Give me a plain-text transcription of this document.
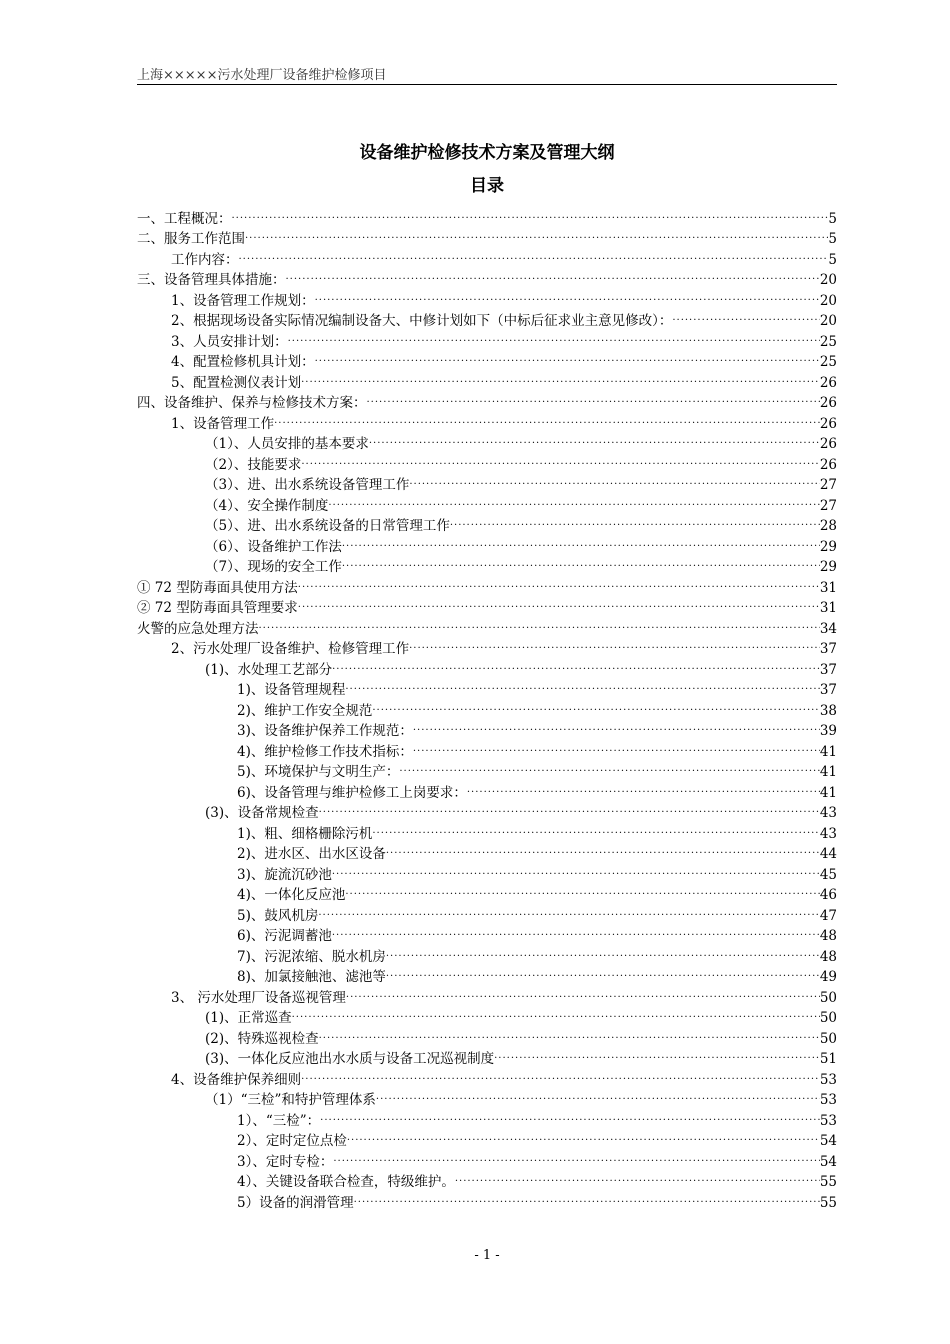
上海×××××污水处理厂设备维护检修项目
设备维护检修技术方案及管理大纲
目录
一、工程概况： .....	5
二、服务工作范围 .....	5
工作内容： .....	5
三、设备管理具体措施： .....	20
1、设备管理工作规划： .....	20
2、根据现场设备实际情况编制设备大、中修计划如下（中标后征求业主意见修改）： .....	20
3、人员安排计划： .....	25
4、配置检修机具计划： .....	25
5、配置检测仪表计划 .....	26
四、设备维护、保养与检修技术方案： .....	26
1、设备管理工作 .....	26
（1）、人员安排的基本要求 .....	26
（2）、技能要求 .....	26
（3）、进、出水系统设备管理工作 .....	27
（4）、安全操作制度 .....	27
（5）、进、出水系统设备的日常管理工作 .....	28
（6）、设备维护工作法 .....	29
（7）、现场的安全工作 .....	29
① 72 型防毒面具使用方法 .....	31
② 72 型防毒面具管理要求 .....	31
火警的应急处理方法 .....	34
2、污水处理厂设备维护、检修管理工作 .....	37
(1)、水处理工艺部分 .....	37
1)、设备管理规程 .....	37
2)、维护工作安全规范 .....	38
3)、设备维护保养工作规范： .....	39
4)、维护检修工作技术指标： .....	41
5)、环境保护与文明生产： .....	41
6)、设备管理与维护检修工上岗要求： .....	41
(3)、设备常规检查 .....	43
1)、粗、细格栅除污机 .....	43
2)、进水区、出水区设备 .....	44
3)、旋流沉砂池 .....	45
4)、一体化反应池 .....	46
5)、鼓风机房 .....	47
6)、污泥调蓄池 .....	48
7)、污泥浓缩、脱水机房 .....	48
8)、加氯接触池、滤池等 .....	49
3、 污水处理厂设备巡视管理 .....	50
(1)、正常巡查 .....	50
(2)、特殊巡视检查 .....	50
(3)、一体化反应池出水水质与设备工况巡视制度 .....	51
4、设备维护保养细则 .....	53
（1）“三检”和特护管理体系 .....	53
1）、“三检”： .....	53
2）、定时定位点检 .....	54
3）、定时专检： .....	54
4）、关键设备联合检查，特级维护。 .....	55
5）设备的润滑管理 .....	55
- 1 -
